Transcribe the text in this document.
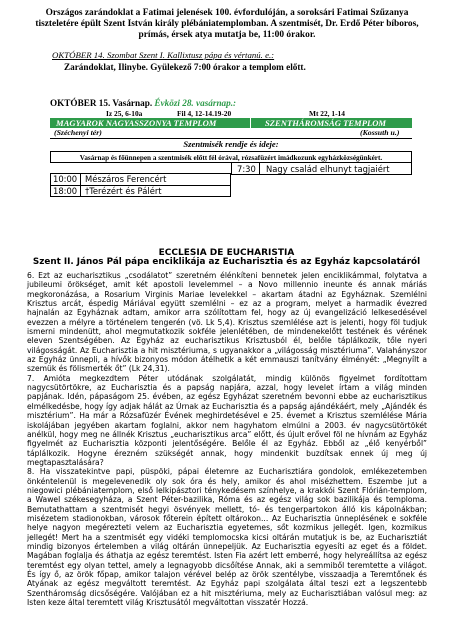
Országos zarándoklat a Fatimai jelenések 100. évfordulóján, a soroksári Fatimai Szűzanya tiszteletére épült Szent István király plébániatemplomban. A szentmisét, Dr. Erdő Péter bíboros, prímás, érsek atya mutatja be, 11:00 órakor.
OKTÓBER 14. Szombat Szent I. Kallixtusz pápa és vértanú. e.:
Zarándoklat, Ilinybe. Gyülekező 7:00 órakor a templom előtt.
OKTÓBER 15. Vasárnap. Évközi 28. vasárnap.:
Iz 25, 6-10a	Fil 4, 12-14.19-20	Mt 22, 1-14
MAGYAROK NAGYASSZONYA TEMPLOM	SZENTHÁROMSÁG TEMPLOM
(Széchenyi tér)	(Kossuth u.)
Szentmisék rendje és ideje:
Vasárnap és főünnepen a szentmisék előtt fél órával, rózsafüzért imádkozunk egyházközségünkért.
7:30	Nagy család elhunyt tagjaiért
10:00 Mészáros Ferencért
18:00 †Terézért és Pálért
ECCLESIA DE EUCHARISTIA
Szent II. János Pál pápa enciklikája az Eucharisztia és az Egyház kapcsolatáról

6. Ezt az eucharisztikus „csodálatot” szeretném élénkíteni bennetek jelen enciklikámmal, folytatva a jubileumi örökséget, amit két apostoli levelemmel – a Novo millennio ineunte és annak máriás megkoronázása, a Rosarium Virginis Mariae levelekkel – akartam átadni az Egyháznak. Szemlélni Krisztus arcát, éspedig Máriával együtt szemlélni – ez az a program, melyet a harmadik évezred hajnalán az Egyháznak adtam, amikor arra szólítottam fel, hogy az új evangelizáció lelkesedésével evezzen a mélyre a történelem tengerén (vö. Lk 5,4). Krisztus szemlélése azt is jelenti, hogy föl tudjuk ismerni mindenütt, ahol megmutatkozik sokféle jelenlétében, de mindenekelőtt testének és vérének eleven Szentségében. Az Egyház az eucharisztikus Krisztusból él, belőle táplálkozik, tőle nyeri világosságát. Az Eucharisztia a hit misztériuma, s ugyanakkor a „világosság misztériuma”. Valahányszor az Egyház ünnepli, a hívők bizonyos módon átélhetik a két emmauszi tanítvány élményét: „Megnyílt a szemük és fölismerték őt” (Lk 24,31).

7. Amióta megkezdtem Péter utódának szolgálatát, mindig különös figyelmet fordítottam nagycsütörtökre, az Eucharisztia és a papság napjára, azzal, hogy levelet írtam a világ minden papjának. Idén, pápaságom 25. évében, az egész Egyházat szeretném bevonni ebbe az eucharisztikus elmélkedésbe, hogy így adjak hálát az Úrnak az Eucharisztia és a papság ajándékáért, mely „Ajándék és misztérium”. Ha már a Rózsafüzér Évének meghirdetésével e 25. évemet a Krisztus szemlélése Mária iskolájában jegyében akartam foglalni, akkor nem hagyhatom elmúlni a 2003. év nagycsütörtökét anélkül, hogy meg ne állnék Krisztus „eucharisztikus arca” előtt, és újult erővel föl ne hívnám az Egyház figyelmét az Eucharisztia központi jelentőségére. Belőle él az Egyház. Ebből az „élő kenyérből” táplálkozik. Hogyne érezném szükségét annak, hogy mindenkit buzdítsak ennek új meg új megtapasztalására?

8. Ha visszatekintve papi, püspöki, pápai életemre az Eucharisztiára gondolok, emlékezetemben önkéntelenül is megelevenedik oly sok óra és hely, amikor és ahol misézhettem. Eszembe jut a niegowici plébániatemplom, első lelkipásztori ténykedésem színhelye, a krakkói Szent Flórián-templom, a Wawel székesegyháza, a Szent Péter-bazilika, Róma és az egész világ sok bazilikája és temploma. Bemutathattam a szentmisét hegyi ösvények mellett, tó- és tengerpartokon álló kis kápolnákban; misézetem stadionokban, városok főterein épített oltárokon... Az Eucharisztia ünneplésének e sokféle helye nagyon megérezteti velem az Eucharisztia egyetemes, sőt kozmikus jellegét. Igen, kozmikus jellegét! Mert ha a szentmisét egy vidéki templomocska kicsi oltárán mutatjuk is be, az Eucharisztiát mindig bizonyos értelemben a világ oltárán ünnepeljük. Az Eucharisztia egyesíti az eget és a földet. Magában foglalja és áthatja az egész teremtést. Isten Fia azért lett emberré, hogy helyreállítsa az egész teremtést egy olyan tettel, amely a legnagyobb dicsőítése Annak, aki a semmiből teremtette a világot. És így ő, az örök főpap, amikor talajon vérével belép az örök szentélybe, visszaadja a Teremtőnek és Atyának az egész megváltott teremtést. Az Egyház papi szolgálata által teszi ezt a legszentebb Szentháromság dicsőségére. Valójában ez a hit misztériuma, mely az Eucharisztiában valósul meg: az Isten keze által teremtett világ Krisztusától megváltottan visszatér Hozzá.
